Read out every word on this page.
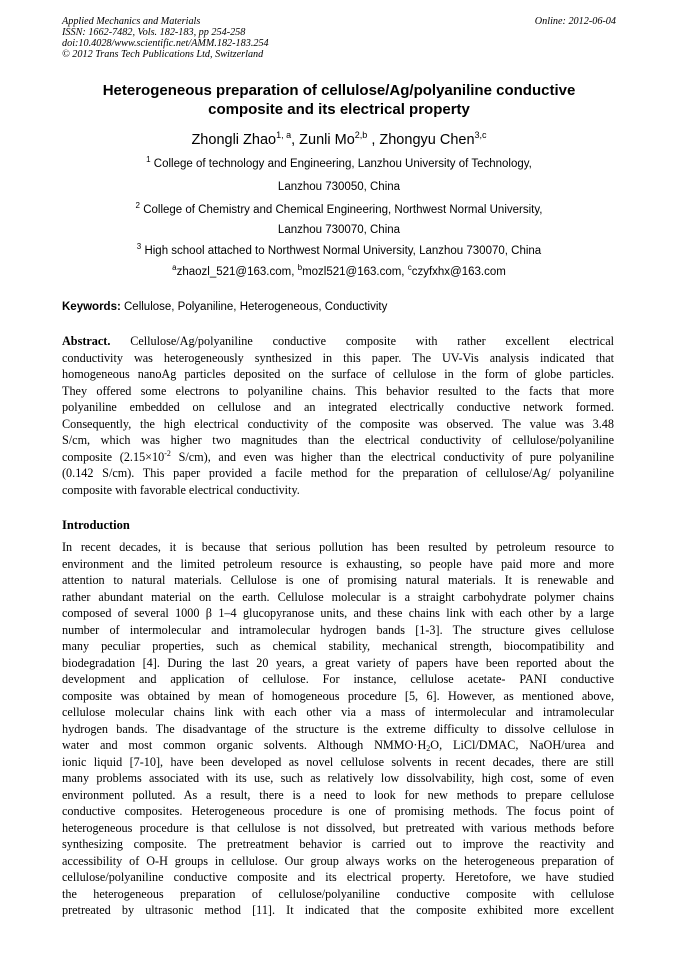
Applied Mechanics and Materials
ISSN: 1662-7482, Vols. 182-183, pp 254-258
doi:10.4028/www.scientific.net/AMM.182-183.254
© 2012 Trans Tech Publications Ltd, Switzerland
Online: 2012-06-04
Heterogeneous preparation of cellulose/Ag/polyaniline conductive
composite and its electrical property
Zhongli Zhao$^{1, a}$, Zunli Mo$^{2,b}$ , Zhongyu Chen$^{3,c}$
$^1$ College of technology and Engineering, Lanzhou University of Technology,
Lanzhou 730050, China
$^2$ College of Chemistry and Chemical Engineering, Northwest Normal University,
Lanzhou 730070, China
$^3$ High school attached to Northwest Normal University, Lanzhou 730070, China
$^a$zhaozl_521@163.com, $^b$mozl521@163.com, $^c$czyfxhx@163.com
Keywords: Cellulose, Polyaniline, Heterogeneous, Conductivity
Abstract. Cellulose/Ag/polyaniline conductive composite with rather excellent electrical
conductivity was heterogeneously synthesized in this paper. The UV-Vis analysis indicated that
homogeneous nanoAg particles deposited on the surface of cellulose in the form of globe particles.
They offered some electrons to polyaniline chains. This behavior resulted to the facts that more
polyaniline embedded on cellulose and an integrated electrically conductive network formed.
Consequently, the high electrical conductivity of the composite was observed. The value was 3.48
S/cm, which was higher two magnitudes than the electrical conductivity of cellulose/polyaniline
composite ($2.15\times 10^{-2}$ S/cm), and even was higher than the electrical conductivity of pure polyaniline
(0.142 S/cm). This paper provided a facile method for the preparation of cellulose/Ag/ polyaniline
composite with favorable electrical conductivity.
Introduction
In recent decades, it is because that serious pollution has been resulted by petroleum resource to
environment and the limited petroleum resource is exhausting, so people have paid more and more
attention to natural materials. Cellulose is one of promising natural materials. It is renewable and
rather abundant material on the earth. Cellulose molecular is a straight carbohydrate polymer chains
composed of several 1000 β 1–4 glucopyranose units, and these chains link with each other by a large
number of intermolecular and intramolecular hydrogen bands [1-3]. The structure gives cellulose
many peculiar properties, such as chemical stability, mechanical strength, biocompatibility and
biodegradation [4]. During the last 20 years, a great variety of papers have been reported about the
development and application of cellulose. For instance, cellulose acetate- PANI conductive
composite was obtained by mean of homogeneous procedure [5, 6]. However, as mentioned above,
cellulose molecular chains link with each other via a mass of intermolecular and intramolecular
hydrogen bands. The disadvantage of the structure is the extreme difficulty to dissolve cellulose in
water and most common organic solvents. Although $NMMO\cdot H_2O$, LiCl/DMAC, NaOH/urea and
ionic liquid [7-10], have been developed as novel cellulose solvents in recent decades, there are still
many problems associated with its use, such as relatively low dissolvability, high cost, some of even
environment polluted. As a result, there is a need to look for new methods to prepare cellulose
conductive composites. Heterogeneous procedure is one of promising methods. The focus point of
heterogeneous procedure is that cellulose is not dissolved, but pretreated with various methods before
synthesizing composite. The pretreatment behavior is carried out to improve the reactivity and
accessibility of O-H groups in cellulose. Our group always works on the heterogeneous preparation of
cellulose/polyaniline conductive composite and its electrical property. Heretofore, we have studied
the heterogeneous preparation of cellulose/polyaniline conductive composite with cellulose
pretreated by ultrasonic method [11]. It indicated that the composite exhibited more excellent
